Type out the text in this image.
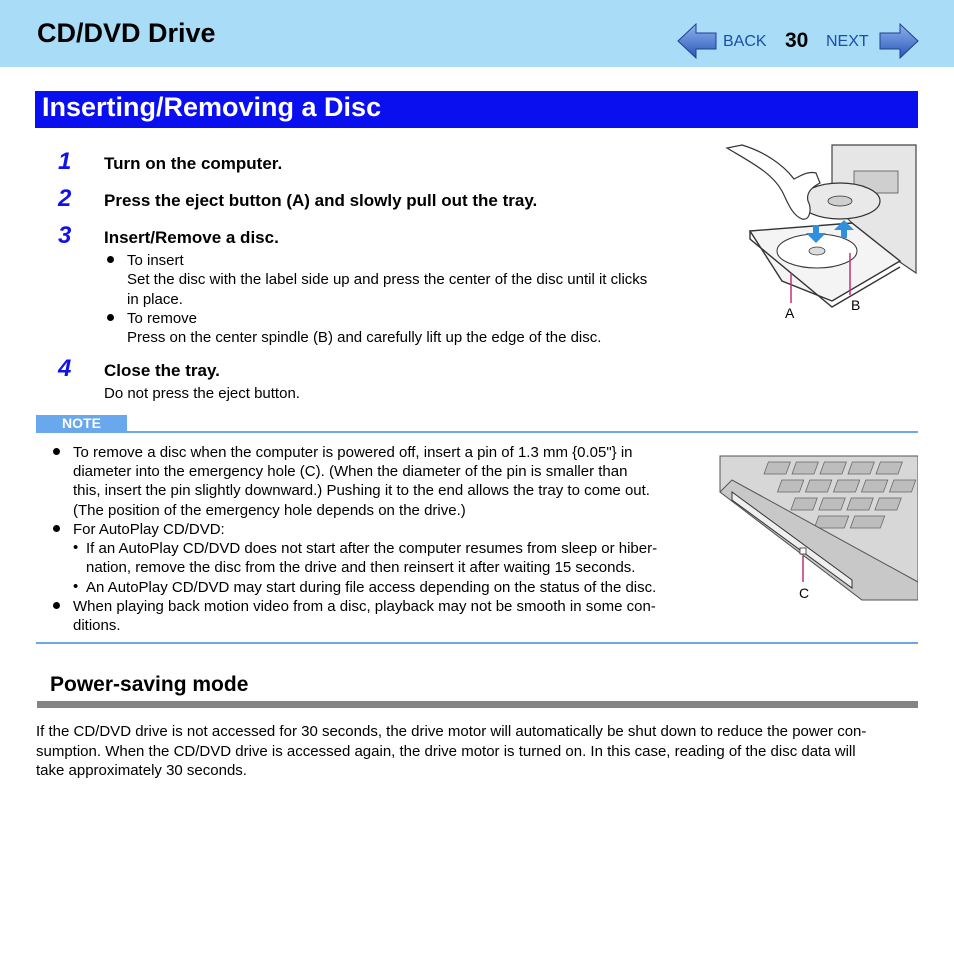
CD/DVD Drive	BACK 30 NEXT
Inserting/Removing a Disc
1 Turn on the computer.
2 Press the eject button (A) and slowly pull out the tray.
3 Insert/Remove a disc.
To insert
Set the disc with the label side up and press the center of the disc until it clicks
in place.
To remove
Press on the center spindle (B) and carefully lift up the edge of the disc.
4 Close the tray.
Do not press the eject button.
A	B
NOTE
To remove a disc when the computer is powered off, insert a pin of 1.3 mm {0.05"} in
diameter into the emergency hole (C). (When the diameter of the pin is smaller than
this, insert the pin slightly downward.) Pushing it to the end allows the tray to come out.
(The position of the emergency hole depends on the drive.)
For AutoPlay CD/DVD:
• If an AutoPlay CD/DVD does not start after the computer resumes from sleep or hiber-
nation, remove the disc from the drive and then reinsert it after waiting 15 seconds.
• An AutoPlay CD/DVD may start during file access depending on the status of the disc.
When playing back motion video from a disc, playback may not be smooth in some con-
ditions.
C
Power-saving mode
If the CD/DVD drive is not accessed for 30 seconds, the drive motor will automatically be shut down to reduce the power con-
sumption. When the CD/DVD drive is accessed again, the drive motor is turned on. In this case, reading of the disc data will
take approximately 30 seconds.
